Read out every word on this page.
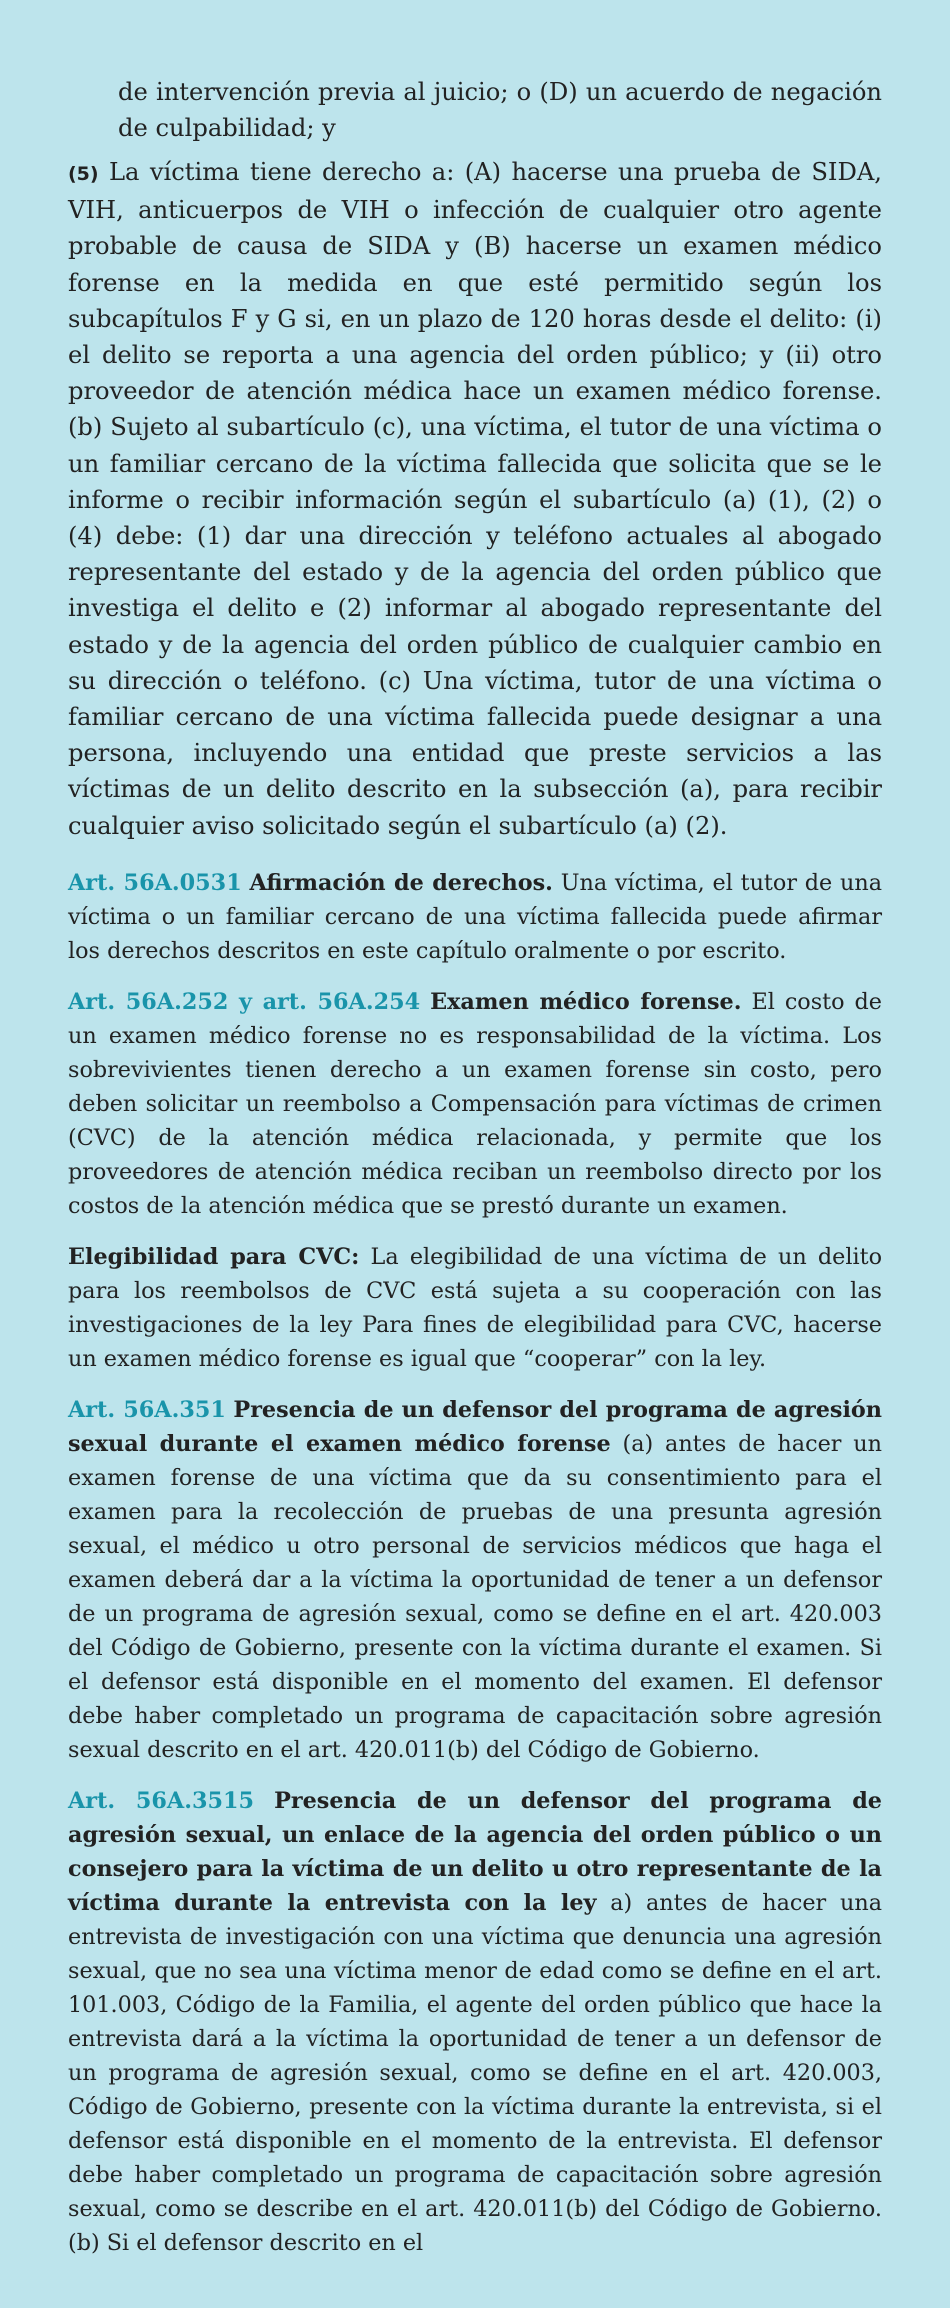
de intervención previa al juicio; o (D) un acuerdo de negación de culpabilidad; y

(5) La víctima tiene derecho a: (A) hacerse una prueba de SIDA, VIH, anticuerpos de VIH o infección de cualquier otro agente probable de causa de SIDA y (B) hacerse un examen médico forense en la medida en que esté permitido según los subcapítulos F y G si, en un plazo de 120 horas desde el delito: (i) el delito se reporta a una agencia del orden público; y (ii) otro proveedor de atención médica hace un examen médico forense. (b) Sujeto al subartículo (c), una víctima, el tutor de una víctima o un familiar cercano de la víctima fallecida que solicita que se le informe o recibir información según el subartículo (a) (1), (2) o (4) debe: (1) dar una dirección y teléfono actuales al abogado representante del estado y de la agencia del orden público que investiga el delito e (2) informar al abogado representante del estado y de la agencia del orden público de cualquier cambio en su dirección o teléfono. (c) Una víctima, tutor de una víctima o familiar cercano de una víctima fallecida puede designar a una persona, incluyendo una entidad que preste servicios a las víctimas de un delito descrito en la subsección (a), para recibir cualquier aviso solicitado según el subartículo (a) (2).

Art. 56A.0531 Afirmación de derechos. Una víctima, el tutor de una víctima o un familiar cercano de una víctima fallecida puede afirmar los derechos descritos en este capítulo oralmente o por escrito.

Art. 56A.252 y art. 56A.254 Examen médico forense. El costo de un examen médico forense no es responsabilidad de la víctima. Los sobrevivientes tienen derecho a un examen forense sin costo, pero deben solicitar un reembolso a Compensación para víctimas de crimen (CVC) de la atención médica relacionada, y permite que los proveedores de atención médica reciban un reembolso directo por los costos de la atención médica que se prestó durante un examen.

Elegibilidad para CVC: La elegibilidad de una víctima de un delito para los reembolsos de CVC está sujeta a su cooperación con las investigaciones de la ley Para fines de elegibilidad para CVC, hacerse un examen médico forense es igual que “cooperar” con la ley.

Art. 56A.351 Presencia de un defensor del programa de agresión sexual durante el examen médico forense (a) antes de hacer un examen forense de una víctima que da su consentimiento para el examen para la recolección de pruebas de una presunta agresión sexual, el médico u otro personal de servicios médicos que haga el examen deberá dar a la víctima la oportunidad de tener a un defensor de un programa de agresión sexual, como se define en el art. 420.003 del Código de Gobierno, presente con la víctima durante el examen. Si el defensor está disponible en el momento del examen. El defensor debe haber completado un programa de capacitación sobre agresión sexual descrito en el art. 420.011(b) del Código de Gobierno.

Art. 56A.3515 Presencia de un defensor del programa de agresión sexual, un enlace de la agencia del orden público o un consejero para la víctima de un delito u otro representante de la víctima durante la entrevista con la ley a) antes de hacer una entrevista de investigación con una víctima que denuncia una agresión sexual, que no sea una víctima menor de edad como se define en el art. 101.003, Código de la Familia, el agente del orden público que hace la entrevista dará a la víctima la oportunidad de tener a un defensor de un programa de agresión sexual, como se define en el art. 420.003, Código de Gobierno, presente con la víctima durante la entrevista, si el defensor está disponible en el momento de la entrevista. El defensor debe haber completado un programa de capacitación sobre agresión sexual, como se describe en el art. 420.011(b) del Código de Gobierno. (b) Si el defensor descrito en el
